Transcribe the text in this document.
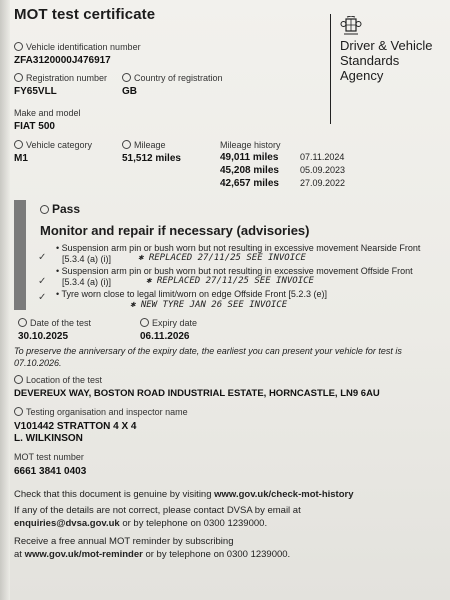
MOT test certificate
Vehicle identification number
ZFA3120000J476917
Registration number
FY65VLL
Country of registration
GB
Make and model
FIAT 500
Vehicle category
M1
Mileage
51,512 miles
Mileage history
49,011 miles 07.11.2024
45,208 miles 05.09.2023
42,657 miles 27.09.2022
Driver & Vehicle Standards Agency
Pass
Monitor and repair if necessary (advisories)
• Suspension arm pin or bush worn but not resulting in excessive movement Nearside Front
[5.3.4 (a) (i)]	✱ REPLACED 27/11/25 SEE INVOICE
✓
• Suspension arm pin or bush worn but not resulting in excessive movement Offside Front
[5.3.4 (a) (i)]	✱ REPLACED 27/11/25 SEE INVOICE
✓
• Tyre worn close to legal limit/worn on edge Offside Front [5.2.3 (e)]
✱ NEW TYRE JAN 26 SEE INVOICE
✓
Date of the test
30.10.2025
Expiry date
06.11.2026
To preserve the anniversary of the expiry date, the earliest you can present your vehicle for test is
07.10.2026.
Location of the test
DEVEREUX WAY, BOSTON ROAD INDUSTRIAL ESTATE, HORNCASTLE, LN9 6AU
Testing organisation and inspector name
V101442 STRATTON 4 X 4
L. WILKINSON
MOT test number
6661 3841 0403
Check that this document is genuine by visiting www.gov.uk/check-mot-history
If any of the details are not correct, please contact DVSA by email at
enquiries@dvsa.gov.uk or by telephone on 0300 1239000.
Receive a free annual MOT reminder by subscribing
at www.gov.uk/mot-reminder or by telephone on 0300 1239000.
